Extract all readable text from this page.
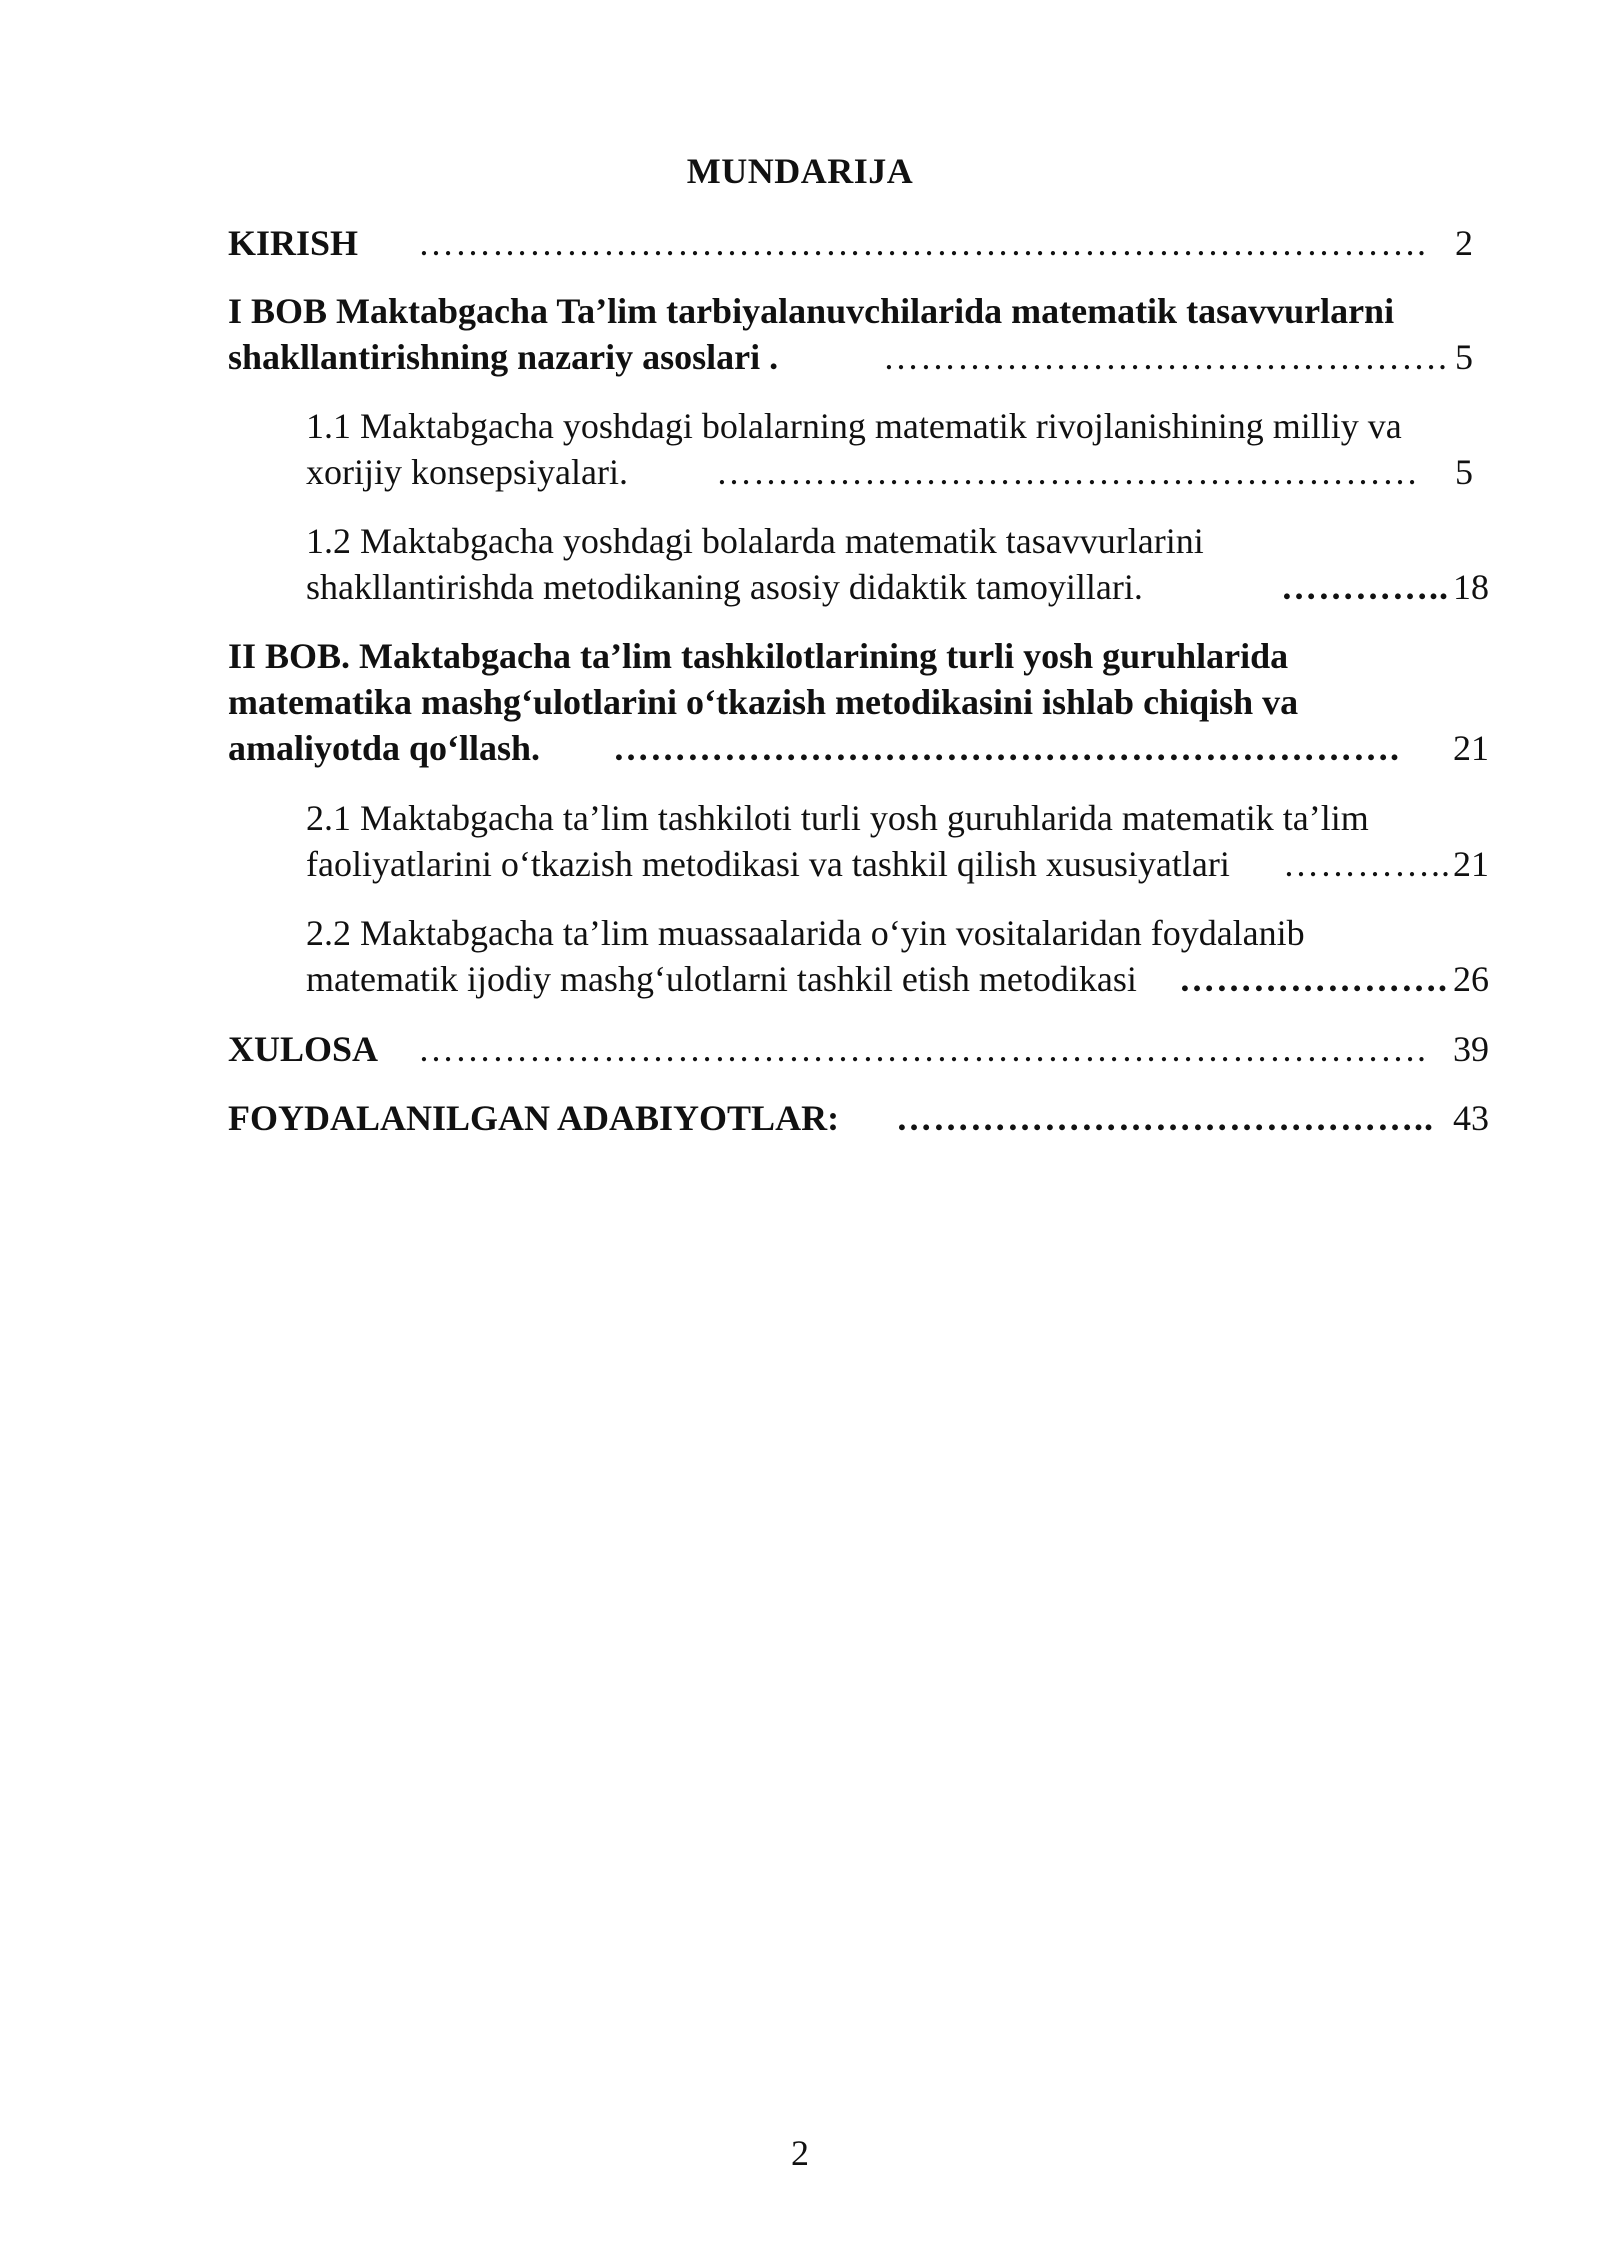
MUNDARIJA
KIRISH ………………………………………………………………………. 2
I BOB Maktabgacha Ta’lim tarbiyalanuvchilarida matematik tasavvurlarni
shakllantirishning nazariy asoslari .	………………………………………. 5
1.1 Maktabgacha yoshdagi bolalarning matematik rivojlanishining milliy va
xorijiy konsepsiyalari. ………………………………………………… 5
1.2 Maktabgacha yoshdagi bolalarda matematik tasavvurlarini
shakllantirishda metodikaning asosiy didaktik tamoyillari.	………….. 18
II BOB. Maktabgacha ta’lim tashkilotlarining turli yosh guruhlarida
matematika mashg‘ulotlarini o‘tkazish metodikasini ishlab chiqish va
amaliyotda qo‘llash. ………………………………………………………. 21
2.1 Maktabgacha ta’lim tashkiloti turli yosh guruhlarida matematik ta’lim
faoliyatlarini o‘tkazish metodikasi va tashkil qilish xususiyatlari ………….. 21
2.2 Maktabgacha ta’lim muassaalarida o‘yin vositalaridan foydalanib
matematik ijodiy mashg‘ulotlarni tashkil etish metodikasi …………………. 26
XULOSA ………………………………………………………………………. 39
FOYDALANILGAN ADABIYOTLAR: …………………………………….. 43
2
